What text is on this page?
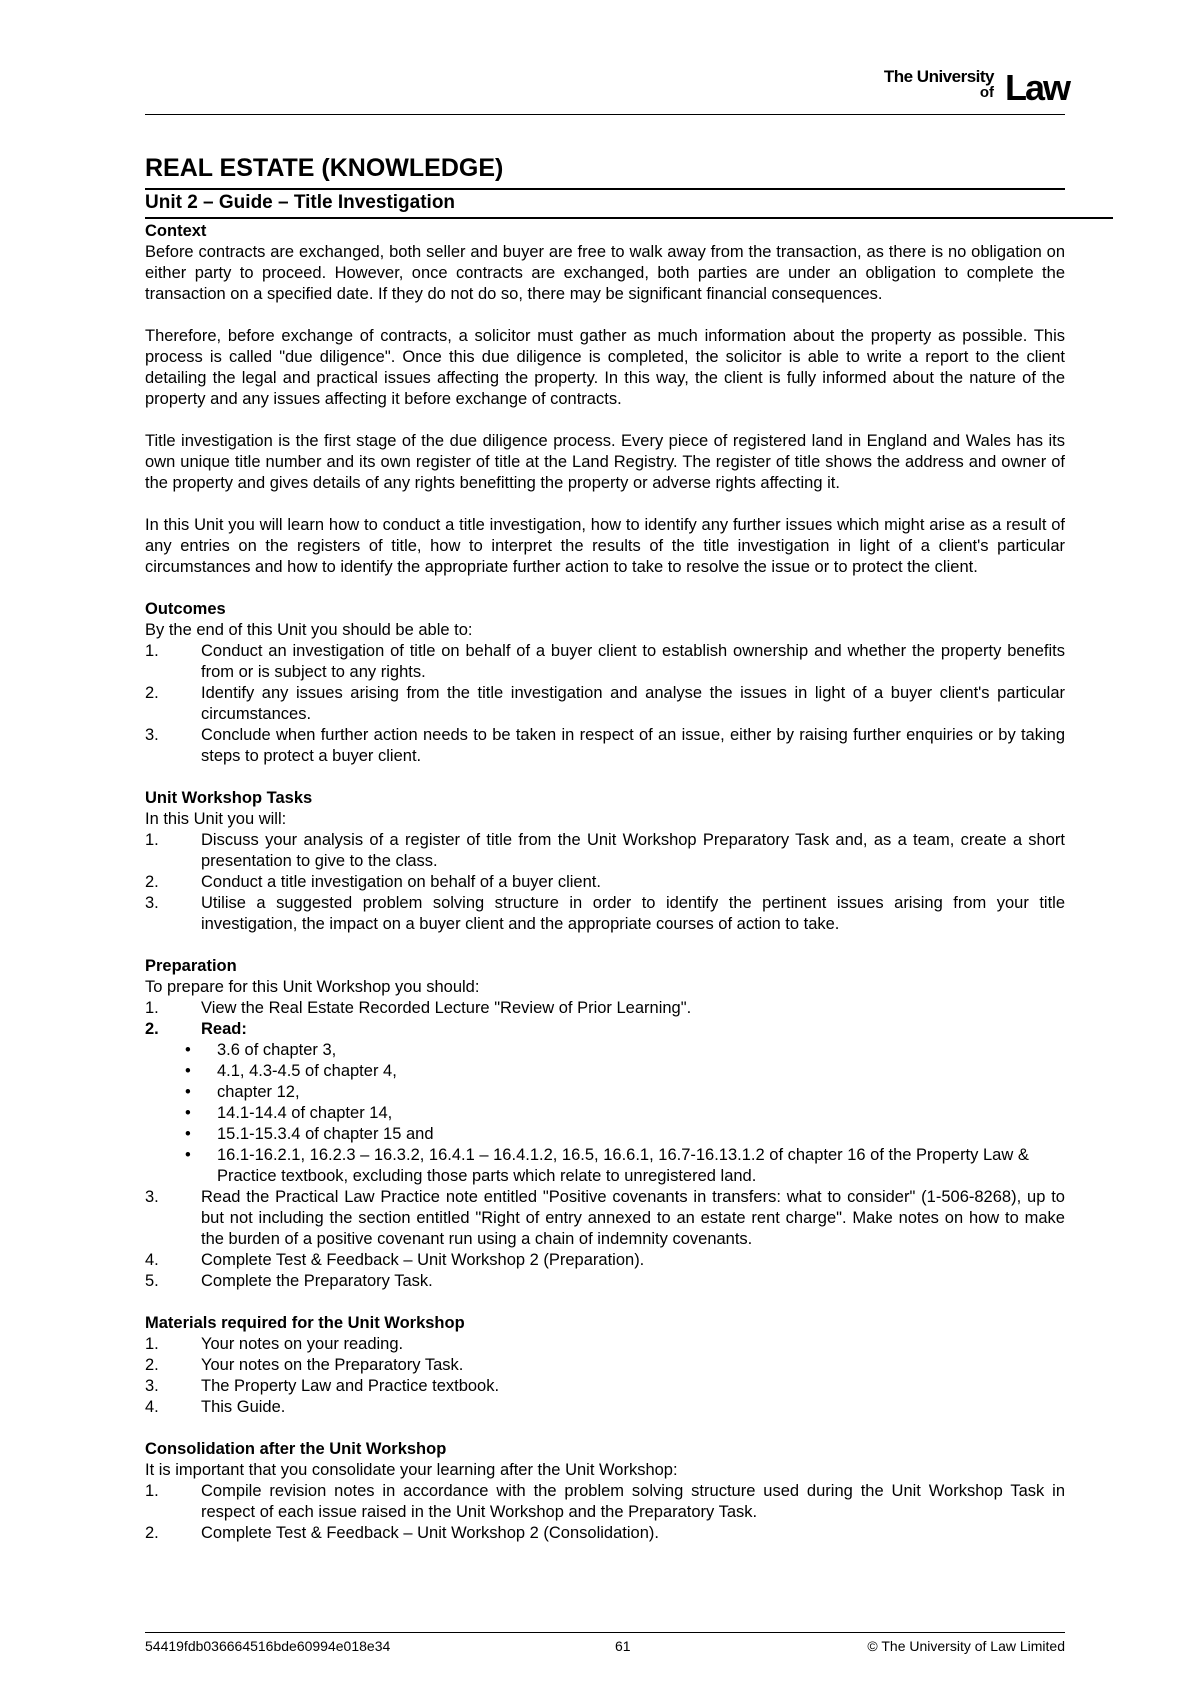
The University
of Law
REAL ESTATE (KNOWLEDGE)
Unit 2 – Guide – Title Investigation
Context

Before contracts are exchanged, both seller and buyer are free to walk away from the transaction, as there is no obligation on either party to proceed. However, once contracts are exchanged, both parties are under an obligation to complete the transaction on a specified date. If they do not do so, there may be significant financial consequences.

Therefore, before exchange of contracts, a solicitor must gather as much information about the property as possible. This process is called "due diligence". Once this due diligence is completed, the solicitor is able to write a report to the client detailing the legal and practical issues affecting the property. In this way, the client is fully informed about the nature of the property and any issues affecting it before exchange of contracts.

Title investigation is the first stage of the due diligence process. Every piece of registered land in England and Wales has its own unique title number and its own register of title at the Land Registry. The register of title shows the address and owner of the property and gives details of any rights benefitting the property or adverse rights affecting it.

In this Unit you will learn how to conduct a title investigation, how to identify any further issues which might arise as a result of any entries on the registers of title, how to interpret the results of the title investigation in light of a client's particular circumstances and how to identify the appropriate further action to take to resolve the issue or to protect the client.

Outcomes

By the end of this Unit you should be able to:

1.	Conduct an investigation of title on behalf of a buyer client to establish ownership and whether the property benefits from or is subject to any rights.
2.	Identify any issues arising from the title investigation and analyse the issues in light of a buyer client's particular circumstances.
3.	Conclude when further action needs to be taken in respect of an issue, either by raising further enquiries or by taking steps to protect a buyer client.
Unit Workshop Tasks

In this Unit you will:

1.	Discuss your analysis of a register of title from the Unit Workshop Preparatory Task and, as a team, create a short presentation to give to the class.
2.	Conduct a title investigation on behalf of a buyer client.
3.	Utilise a suggested problem solving structure in order to identify the pertinent issues arising from your title investigation, the impact on a buyer client and the appropriate courses of action to take.
Preparation

To prepare for this Unit Workshop you should:

1.	View the Real Estate Recorded Lecture "Review of Prior Learning".
2.	Read:
•	3.6 of chapter 3,
•	4.1, 4.3-4.5 of chapter 4,
•	chapter 12,
•	14.1-14.4 of chapter 14,
•	15.1-15.3.4 of chapter 15 and
•	16.1-16.2.1, 16.2.3 – 16.3.2, 16.4.1 – 16.4.1.2, 16.5, 16.6.1, 16.7-16.13.1.2 of chapter 16 of the Property Law & Practice textbook, excluding those parts which relate to unregistered land.
3.	Read the Practical Law Practice note entitled "Positive covenants in transfers: what to consider" (1-506-8268), up to but not including the section entitled "Right of entry annexed to an estate rent charge". Make notes on how to make the burden of a positive covenant run using a chain of indemnity covenants.
4.	Complete Test & Feedback – Unit Workshop 2 (Preparation).
5.	Complete the Preparatory Task.
Materials required for the Unit Workshop
1.	Your notes on your reading.
2.	Your notes on the Preparatory Task.
3.	The Property Law and Practice textbook.
4.	This Guide.
Consolidation after the Unit Workshop

It is important that you consolidate your learning after the Unit Workshop:

1.	Compile revision notes in accordance with the problem solving structure used during the Unit Workshop Task in respect of each issue raised in the Unit Workshop and the Preparatory Task.
2.	Complete Test & Feedback – Unit Workshop 2 (Consolidation).
54419fdb036664516bde60994e018e34	61	© The University of Law Limited
